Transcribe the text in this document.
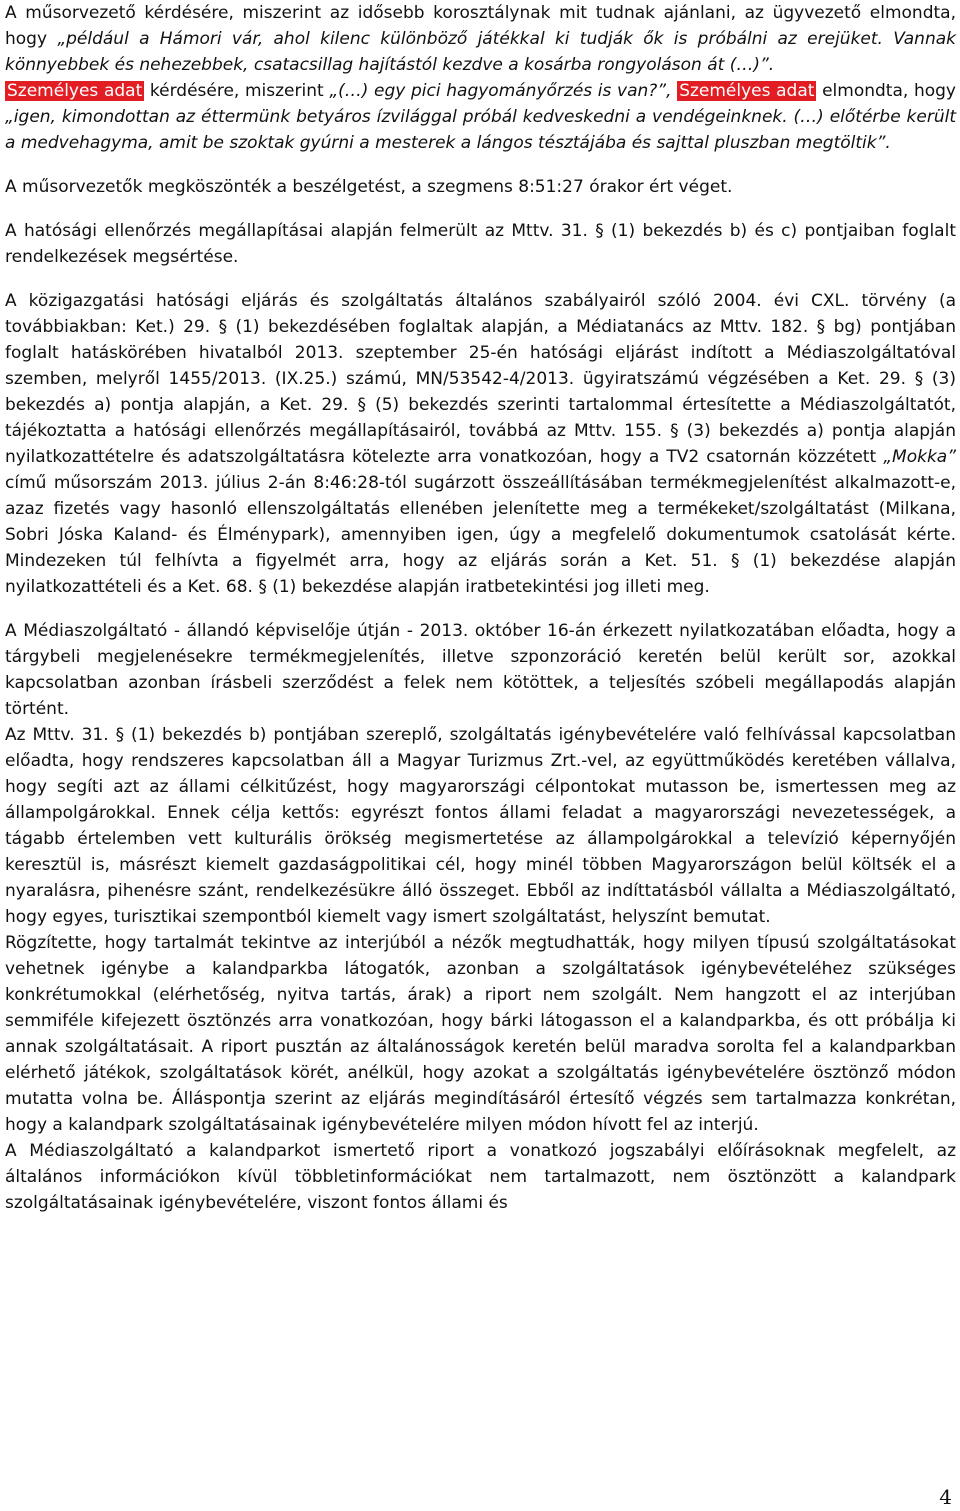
A műsorvezető kérdésére, miszerint az idősebb korosztálynak mit tudnak ajánlani, az ügyvezető elmondta, hogy „például a Hámori vár, ahol kilenc különböző játékkal ki tudják ők is próbálni az erejüket. Vannak könnyebbek és nehezebbek, csatacsillag hajítástól kezdve a kosárba rongyoláson át (…)”.

Személyes adat kérdésére, miszerint „(…) egy pici hagyományőrzés is van?”, Személyes adat elmondta, hogy „igen, kimondottan az éttermünk betyáros ízvilággal próbál kedveskedni a vendégeinknek. (…) előtérbe került a medvehagyma, amit be szoktak gyúrni a mesterek a lángos tésztájába és sajttal pluszban megtöltik”.

A műsorvezetők megköszönték a beszélgetést, a szegmens 8:51:27 órakor ért véget.

A hatósági ellenőrzés megállapításai alapján felmerült az Mttv. 31. § (1) bekezdés b) és c) pontjaiban foglalt rendelkezések megsértése.

A közigazgatási hatósági eljárás és szolgáltatás általános szabályairól szóló 2004. évi CXL. törvény (a továbbiakban: Ket.) 29. § (1) bekezdésében foglaltak alapján, a Médiatanács az Mttv. 182. § bg) pontjában foglalt hatáskörében hivatalból 2013. szeptember 25-én hatósági eljárást indított a Médiaszolgáltatóval szemben, melyről 1455/2013. (IX.25.) számú, MN/53542-4/2013. ügyiratszámú végzésében a Ket. 29. § (3) bekezdés a) pontja alapján, a Ket. 29. § (5) bekezdés szerinti tartalommal értesítette a Médiaszolgáltatót, tájékoztatta a hatósági ellenőrzés megállapításairól, továbbá az Mttv. 155. § (3) bekezdés a) pontja alapján nyilatkozattételre és adatszolgáltatásra kötelezte arra vonatkozóan, hogy a TV2 csatornán közzétett „Mokka” című műsorszám 2013. július 2-án 8:46:28-tól sugárzott összeállításában termékmegjelenítést alkalmazott-e, azaz fizetés vagy hasonló ellenszolgáltatás ellenében jelenítette meg a termékeket/szolgáltatást (Milkana, Sobri Jóska Kaland- és Élménypark), amennyiben igen, úgy a megfelelő dokumentumok csatolását kérte. Mindezeken túl felhívta a figyelmét arra, hogy az eljárás során a Ket. 51. § (1) bekezdése alapján nyilatkozattételi és a Ket. 68. § (1) bekezdése alapján iratbetekintési jog illeti meg.

A Médiaszolgáltató - állandó képviselője útján - 2013. október 16-án érkezett nyilatkozatában előadta, hogy a tárgybeli megjelenésekre termékmegjelenítés, illetve szponzoráció keretén belül került sor, azokkal kapcsolatban azonban írásbeli szerződést a felek nem kötöttek, a teljesítés szóbeli megállapodás alapján történt.

Az Mttv. 31. § (1) bekezdés b) pontjában szereplő, szolgáltatás igénybevételére való felhívással kapcsolatban előadta, hogy rendszeres kapcsolatban áll a Magyar Turizmus Zrt.-vel, az együttműködés keretében vállalva, hogy segíti azt az állami célkitűzést, hogy magyarországi célpontokat mutasson be, ismertessen meg az állampolgárokkal. Ennek célja kettős: egyrészt fontos állami feladat a magyarországi nevezetességek, a tágabb értelemben vett kulturális örökség megismertetése az állampolgárokkal a televízió képernyőjén keresztül is, másrészt kiemelt gazdaságpolitikai cél, hogy minél többen Magyarországon belül költsék el a nyaralásra, pihenésre szánt, rendelkezésükre álló összeget. Ebből az indíttatásból vállalta a Médiaszolgáltató, hogy egyes, turisztikai szempontból kiemelt vagy ismert szolgáltatást, helyszínt bemutat.

Rögzítette, hogy tartalmát tekintve az interjúból a nézők megtudhatták, hogy milyen típusú szolgáltatásokat vehetnek igénybe a kalandparkba látogatók, azonban a szolgáltatások igénybevételéhez szükséges konkrétumokkal (elérhetőség, nyitva tartás, árak) a riport nem szolgált. Nem hangzott el az interjúban semmiféle kifejezett ösztönzés arra vonatkozóan, hogy bárki látogasson el a kalandparkba, és ott próbálja ki annak szolgáltatásait. A riport pusztán az általánosságok keretén belül maradva sorolta fel a kalandparkban elérhető játékok, szolgáltatások körét, anélkül, hogy azokat a szolgáltatás igénybevételére ösztönző módon mutatta volna be. Álláspontja szerint az eljárás megindításáról értesítő végzés sem tartalmazza konkrétan, hogy a kalandpark szolgáltatásainak igénybevételére milyen módon hívott fel az interjú.

A Médiaszolgáltató a kalandparkot ismertető riport a vonatkozó jogszabályi előírásoknak megfelelt, az általános információkon kívül többletinformációkat nem tartalmazott, nem ösztönzött a kalandpark szolgáltatásainak igénybevételére, viszont fontos állami és

4
